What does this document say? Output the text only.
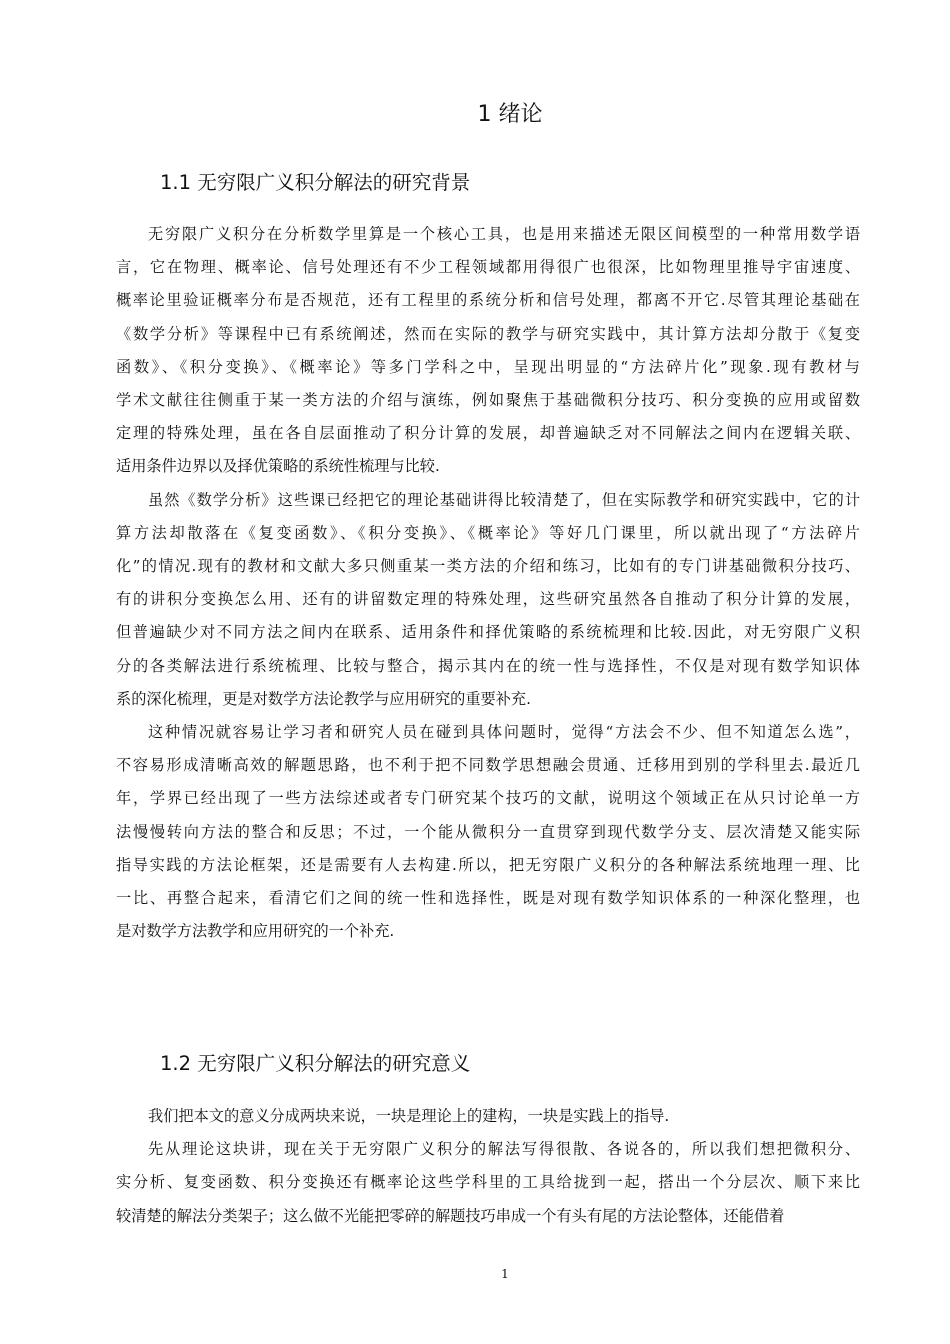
1 绪论
1.1 无穷限广义积分解法的研究背景
无穷限广义积分在分析数学里算是一个核心工具，也是用来描述无限区间模型的一种常用数学语
言，它在物理、概率论、信号处理还有不少工程领域都用得很广也很深，比如物理里推导宇宙速度、
概率论里验证概率分布是否规范，还有工程里的系统分析和信号处理，都离不开它.尽管其理论基础在
《数学分析》等课程中已有系统阐述，然而在实际的教学与研究实践中，其计算方法却分散于《复变
函数》、《积分变换》、《概率论》等多门学科之中，呈现出明显的“方法碎片化”现象.现有教材与
学术文献往往侧重于某一类方法的介绍与演练，例如聚焦于基础微积分技巧、积分变换的应用或留数
定理的特殊处理，虽在各自层面推动了积分计算的发展，却普遍缺乏对不同解法之间内在逻辑关联、
适用条件边界以及择优策略的系统性梳理与比较.
虽然《数学分析》这些课已经把它的理论基础讲得比较清楚了，但在实际教学和研究实践中，它的计
算方法却散落在《复变函数》、《积分变换》、《概率论》等好几门课里，所以就出现了“方法碎片
化”的情况.现有的教材和文献大多只侧重某一类方法的介绍和练习，比如有的专门讲基础微积分技巧、
有的讲积分变换怎么用、还有的讲留数定理的特殊处理，这些研究虽然各自推动了积分计算的发展，
但普遍缺少对不同方法之间内在联系、适用条件和择优策略的系统梳理和比较.因此，对无穷限广义积
分的各类解法进行系统梳理、比较与整合，揭示其内在的统一性与选择性，不仅是对现有数学知识体
系的深化梳理，更是对数学方法论教学与应用研究的重要补充.
这种情况就容易让学习者和研究人员在碰到具体问题时，觉得“方法会不少、但不知道怎么选”，
不容易形成清晰高效的解题思路，也不利于把不同数学思想融会贯通、迁移用到别的学科里去.最近几
年，学界已经出现了一些方法综述或者专门研究某个技巧的文献，说明这个领域正在从只讨论单一方
法慢慢转向方法的整合和反思；不过，一个能从微积分一直贯穿到现代数学分支、层次清楚又能实际
指导实践的方法论框架，还是需要有人去构建.所以，把无穷限广义积分的各种解法系统地理一理、比
一比、再整合起来，看清它们之间的统一性和选择性，既是对现有数学知识体系的一种深化整理，也
是对数学方法教学和应用研究的一个补充.
1.2 无穷限广义积分解法的研究意义
我们把本文的意义分成两块来说，一块是理论上的建构，一块是实践上的指导.
先从理论这块讲，现在关于无穷限广义积分的解法写得很散、各说各的，所以我们想把微积分、
实分析、复变函数、积分变换还有概率论这些学科里的工具给拢到一起，搭出一个分层次、顺下来比
较清楚的解法分类架子；这么做不光能把零碎的解题技巧串成一个有头有尾的方法论整体，还能借着
1
